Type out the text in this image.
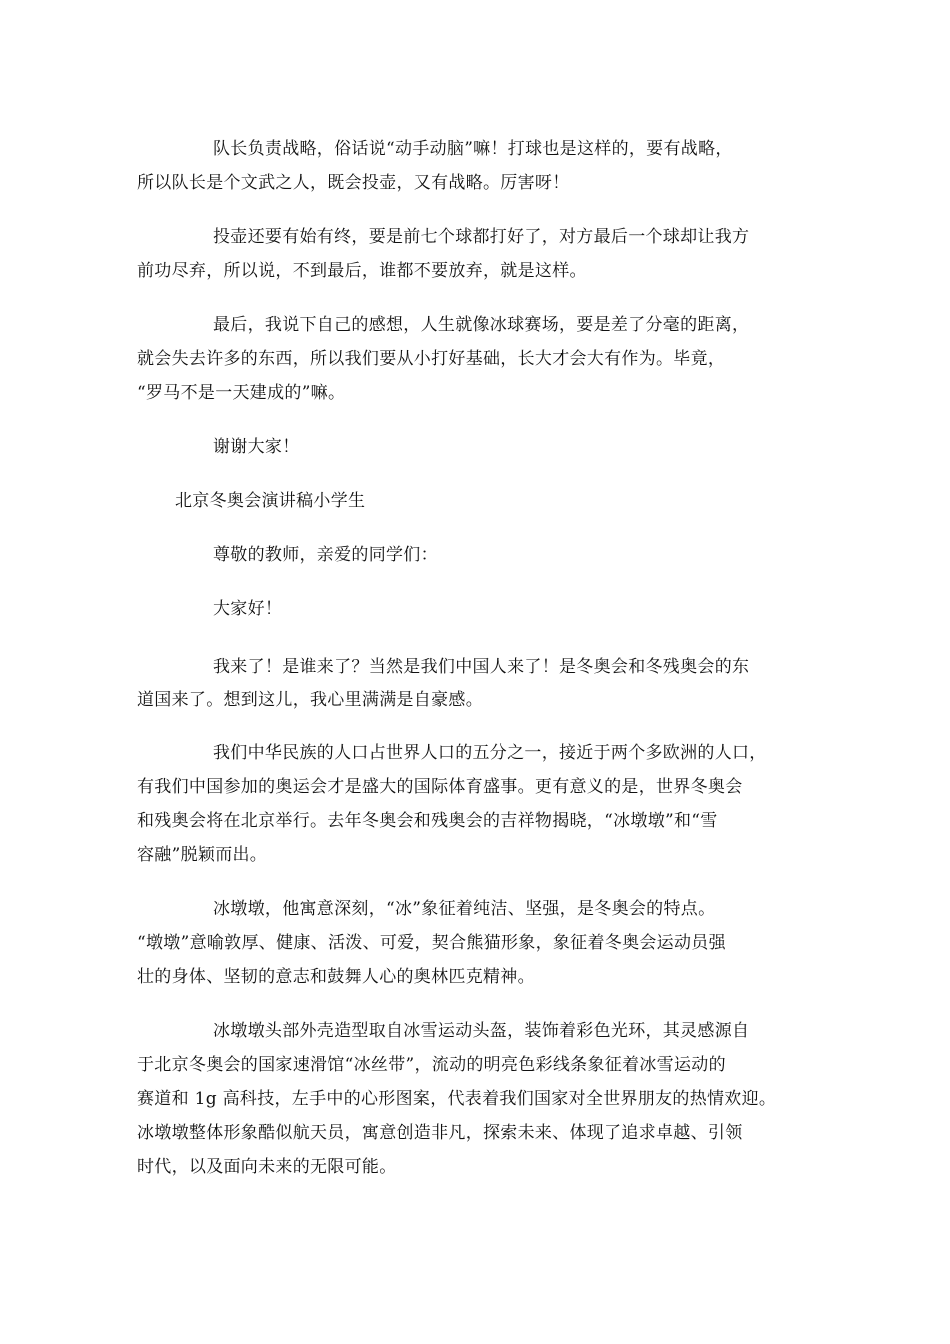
队长负责战略，俗话说“动手动脑”嘛！打球也是这样的，要有战略，
所以队长是个文武之人，既会投壶，又有战略。厉害呀！
投壶还要有始有终，要是前七个球都打好了，对方最后一个球却让我方
前功尽弃，所以说，不到最后，谁都不要放弃，就是这样。
最后，我说下自己的感想，人生就像冰球赛场，要是差了分毫的距离，
就会失去许多的东西，所以我们要从小打好基础，长大才会大有作为。毕竟，
“罗马不是一天建成的”嘛。
谢谢大家！
北京冬奥会演讲稿小学生
尊敬的教师，亲爱的同学们：
大家好！
我来了！是谁来了？当然是我们中国人来了！是冬奥会和冬残奥会的东
道国来了。想到这儿，我心里满满是自豪感。
我们中华民族的人口占世界人口的五分之一，接近于两个多欧洲的人口，
有我们中国参加的奥运会才是盛大的国际体育盛事。更有意义的是，世界冬奥会
和残奥会将在北京举行。去年冬奥会和残奥会的吉祥物揭晓，“冰墩墩”和“雪
容融”脱颖而出。
冰墩墩，他寓意深刻，“冰”象征着纯洁、坚强，是冬奥会的特点。
“墩墩”意喻敦厚、健康、活泼、可爱，契合熊猫形象，象征着冬奥会运动员强
壮的身体、坚韧的意志和鼓舞人心的奥林匹克精神。
冰墩墩头部外壳造型取自冰雪运动头盔，装饰着彩色光环，其灵感源自
于北京冬奥会的国家速滑馆“冰丝带”，流动的明亮色彩线条象征着冰雪运动的
赛道和 1g 高科技，左手中的心形图案，代表着我们国家对全世界朋友的热情欢迎。
冰墩墩整体形象酷似航天员，寓意创造非凡，探索未来、体现了追求卓越、引领
时代，以及面向未来的无限可能。
